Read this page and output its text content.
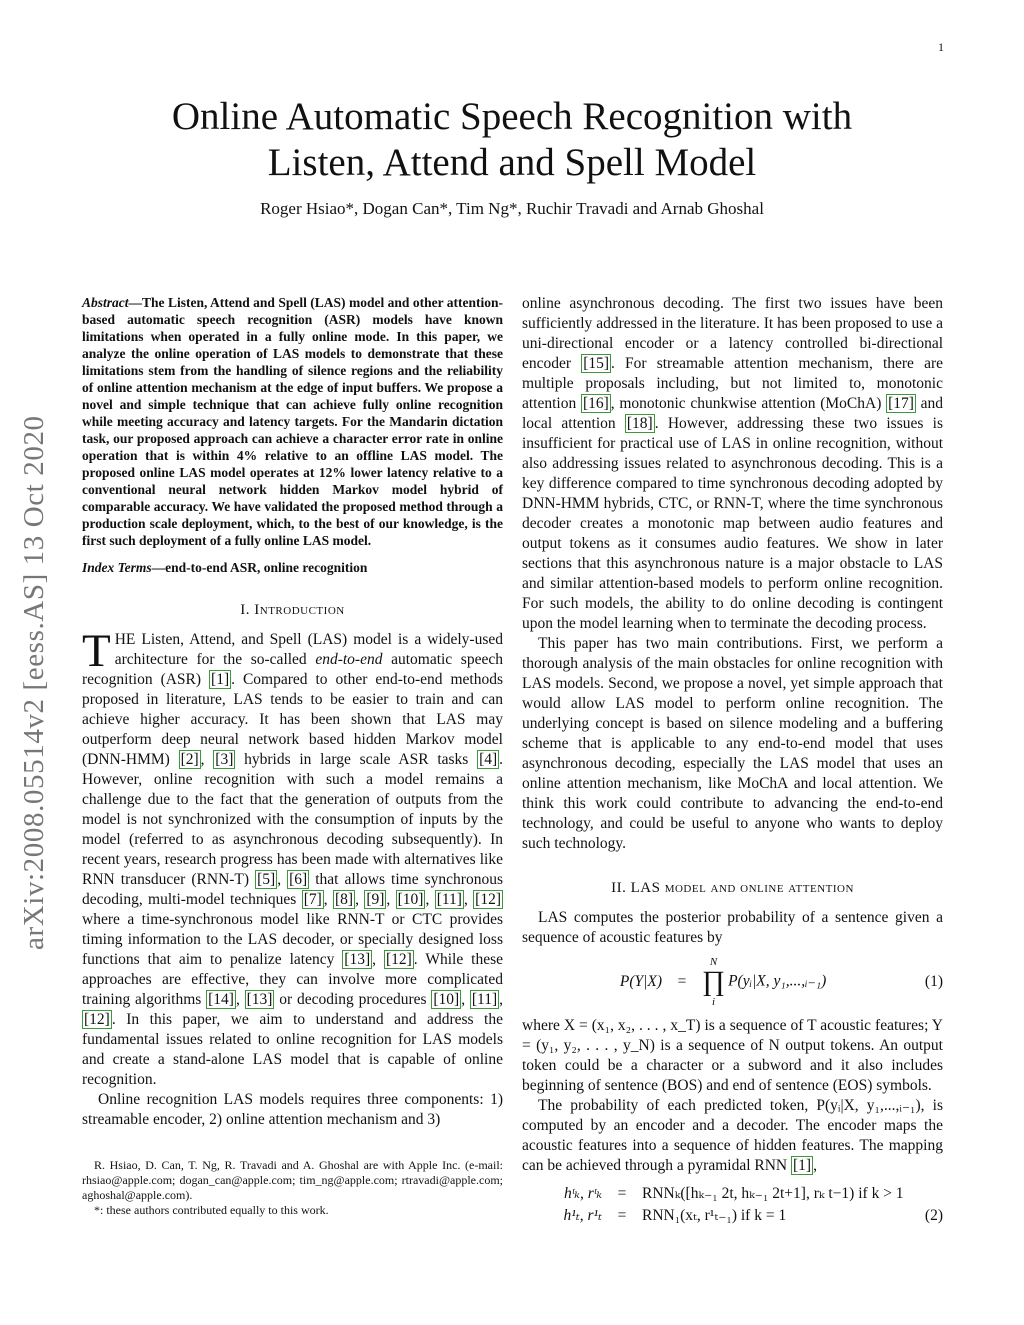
1
arXiv:2008.05514v2 [eess.AS] 13 Oct 2020
Online Automatic Speech Recognition with
Listen, Attend and Spell Model
Roger Hsiao*, Dogan Can*, Tim Ng*, Ruchir Travadi and Arnab Ghoshal

Abstract—The Listen, Attend and Spell (LAS) model and other attention-based automatic speech recognition (ASR) models have known limitations when operated in a fully online mode. In this paper, we analyze the online operation of LAS models to demonstrate that these limitations stem from the handling of silence regions and the reliability of online attention mechanism at the edge of input buffers. We propose a novel and simple technique that can achieve fully online recognition while meeting accuracy and latency targets. For the Mandarin dictation task, our proposed approach can achieve a character error rate in online operation that is within 4% relative to an offline LAS model. The proposed online LAS model operates at 12% lower latency relative to a conventional neural network hidden Markov model hybrid of comparable accuracy. We have validated the proposed method through a production scale deployment, which, to the best of our knowledge, is the first such deployment of a fully online LAS model.

Index Terms—end-to-end ASR, online recognition

I. Introduction

THE Listen, Attend, and Spell (LAS) model is a widely-used architecture for the so-called end-to-end automatic speech recognition (ASR) [1] . Compared to other end-to-end methods proposed in literature, LAS tends to be easier to train and can achieve higher accuracy. It has been shown that LAS may outperform deep neural network based hidden Markov model (DNN-HMM) [2] , [3] hybrids in large scale ASR tasks [4] . However, online recognition with such a model remains a challenge due to the fact that the generation of outputs from the model is not synchronized with the consumption of inputs by the model (referred to as asynchronous decoding subsequently). In recent years, research progress has been made with alternatives like RNN transducer (RNN-T) [5] , [6] that allows time synchronous decoding, multi-model techniques [7] , [8] , [9] , [10] , [11] , [12] where a time-synchronous model like RNN-T or CTC provides timing information to the LAS decoder, or specially designed loss functions that aim to penalize latency [13] , [12] . While these approaches are effective, they can involve more complicated training algorithms [14] , [13] or decoding procedures [10] , [11] , [12] . In this paper, we aim to understand and address the fundamental issues related to online recognition for LAS models and create a stand-alone LAS model that is capable of online recognition.

Online recognition LAS models requires three components: 1) streamable encoder, 2) online attention mechanism and 3)

R. Hsiao, D. Can, T. Ng, R. Travadi and A. Ghoshal are with Apple Inc. (e-mail: rhsiao@apple.com; dogan_can@apple.com; tim_ng@apple.com; rtravadi@apple.com; aghoshal@apple.com).

*: these authors contributed equally to this work.

online asynchronous decoding. The first two issues have been sufficiently addressed in the literature. It has been proposed to use a uni-directional encoder or a latency controlled bi-directional encoder [15] . For streamable attention mechanism, there are multiple proposals including, but not limited to, monotonic attention [16] , monotonic chunkwise attention (MoChA) [17] and local attention [18] . However, addressing these two issues is insufficient for practical use of LAS in online recognition, without also addressing issues related to asynchronous decoding. This is a key difference compared to time synchronous decoding adopted by DNN-HMM hybrids, CTC, or RNN-T, where the time synchronous decoder creates a monotonic map between audio features and output tokens as it consumes audio features. We show in later sections that this asynchronous nature is a major obstacle to LAS and similar attention-based models to perform online recognition. For such models, the ability to do online decoding is contingent upon the model learning when to terminate the decoding process.

This paper has two main contributions. First, we perform a thorough analysis of the main obstacles for online recognition with LAS models. Second, we propose a novel, yet simple approach that would allow LAS model to perform online recognition. The underlying concept is based on silence modeling and a buffering scheme that is applicable to any end-to-end model that uses asynchronous decoding, especially the LAS model that uses an online attention mechanism, like MoChA and local attention. We think this work could contribute to advancing the end-to-end technology, and could be useful to anyone who wants to deploy such technology.

II. LAS model and online attention

LAS computes the posterior probability of a sentence given a sequence of acoustic features by

P(Y|X)	=
N
∏
i
P(yᵢ|X, y₁,...,ᵢ₋₁)	(1)

where X = (x₁, x₂, . . . , x_T) is a sequence of T acoustic features; Y = (y₁, y₂, . . . , y_N) is a sequence of N output tokens. An output token could be a character or a subword and it also includes beginning of sentence (BOS) and end of sentence (EOS) symbols.

The probability of each predicted token, P(yᵢ|X, y₁,...,ᵢ₋₁), is computed by an encoder and a decoder. The encoder maps the acoustic features into a sequence of hidden features. The mapping can be achieved through a pyramidal RNN [1] ,

hᵗₖ, rᵗₖ	=	RNNₖ([hₖ₋₁ 2t, hₖ₋₁ 2t+1], rₖ t−1) if k > 1
h¹ₜ, r¹ₜ	=	RNN₁(xₜ, r¹ₜ₋₁) if k = 1	(2)
